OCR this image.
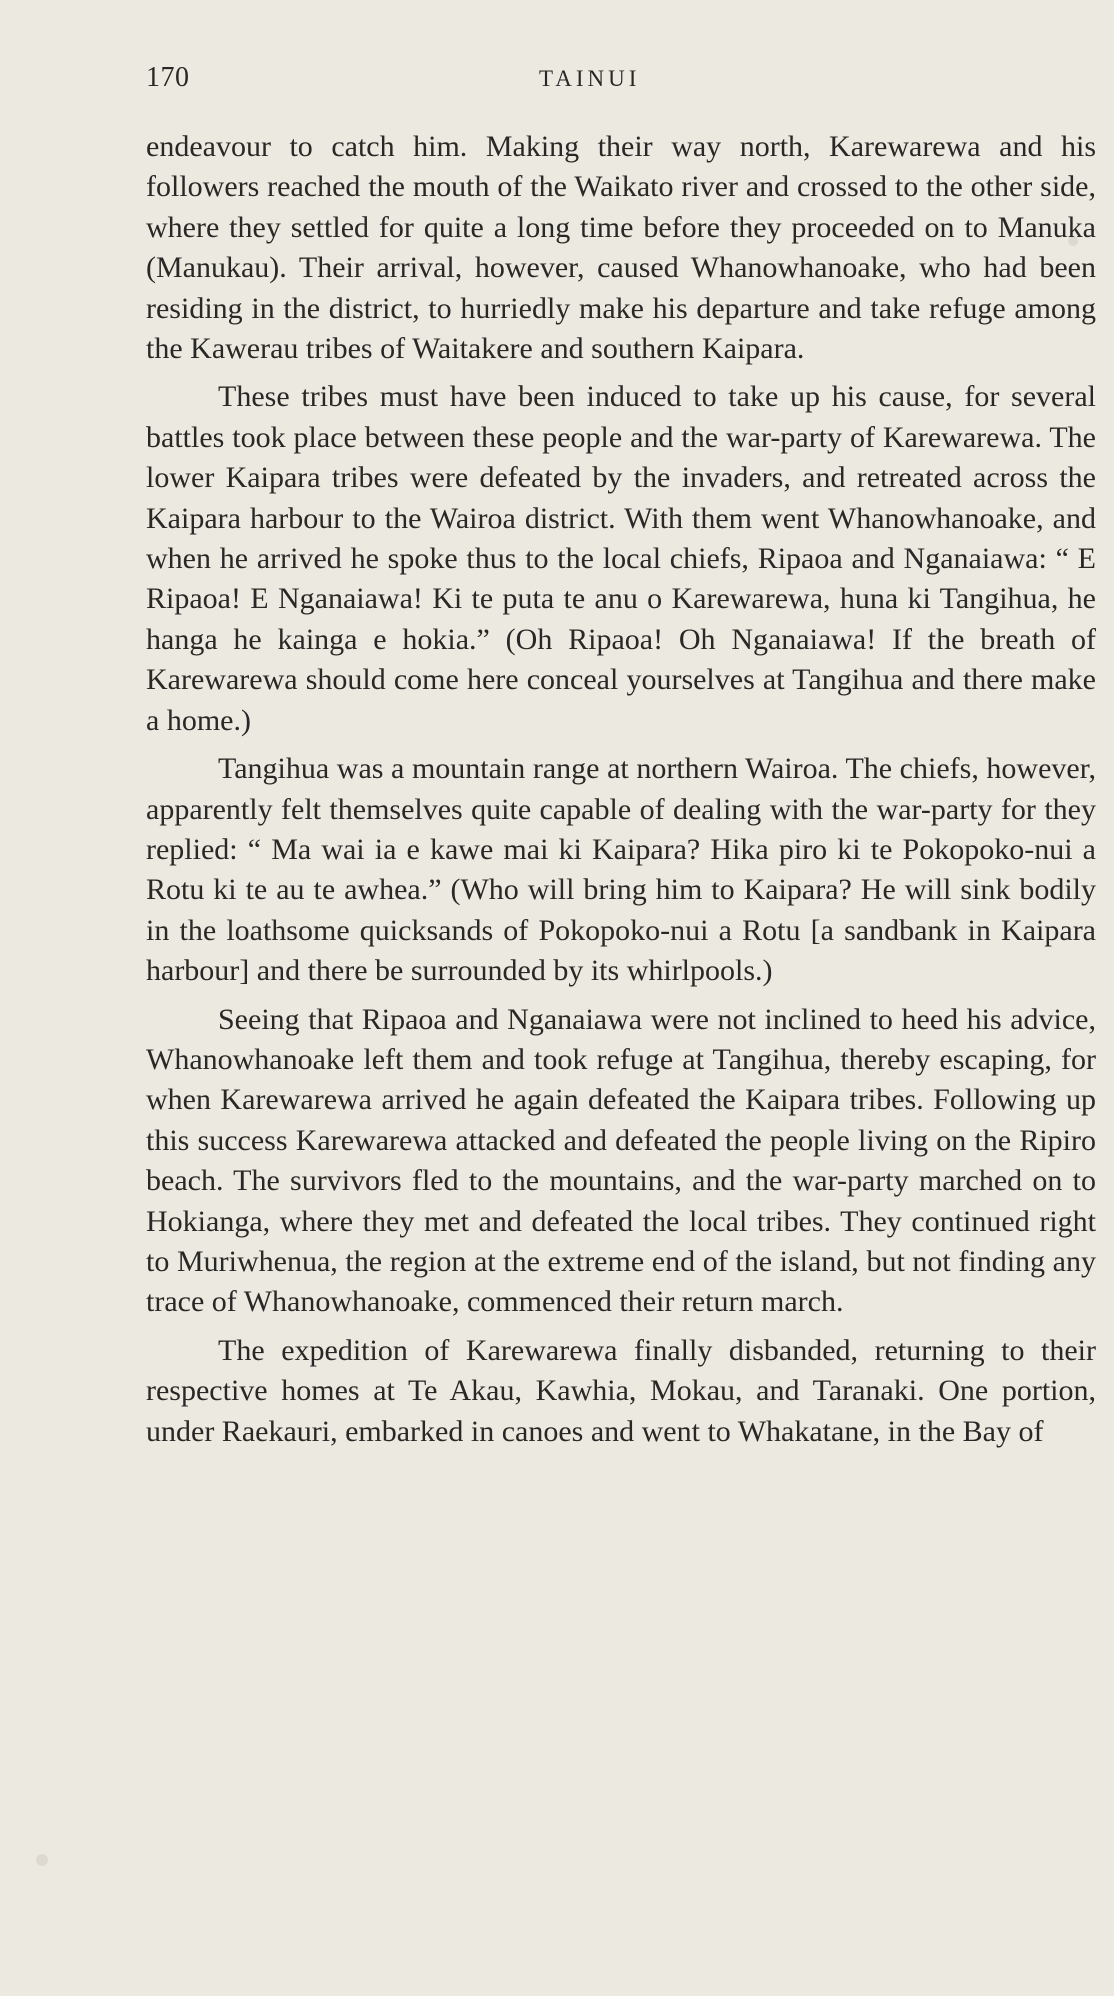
170	TAINUI

endeavour to catch him. Making their way north, Karewarewa and his followers reached the mouth of the Waikato river and crossed to the other side, where they settled for quite a long time before they proceeded on to Manuka (Manukau). Their arrival, however, caused Whanowhanoake, who had been residing in the district, to hurriedly make his departure and take refuge among the Kawerau tribes of Waitakere and southern Kaipara.

These tribes must have been induced to take up his cause, for several battles took place between these people and the war-party of Karewarewa. The lower Kaipara tribes were defeated by the invaders, and retreated across the Kaipara harbour to the Wairoa district. With them went Whanowhanoake, and when he arrived he spoke thus to the local chiefs, Ripaoa and Nganaiawa: “ E Ripaoa! E Nganaiawa! Ki te puta te anu o Karewarewa, huna ki Tangihua, he hanga he kainga e hokia.” (Oh Ripaoa! Oh Nganaiawa! If the breath of Karewarewa should come here conceal yourselves at Tangihua and there make a home.)

Tangihua was a mountain range at northern Wairoa. The chiefs, however, apparently felt themselves quite capable of dealing with the war-party for they replied: “ Ma wai ia e kawe mai ki Kaipara? Hika piro ki te Pokopoko-nui a Rotu ki te au te awhea.” (Who will bring him to Kaipara? He will sink bodily in the loathsome quicksands of Pokopoko-nui a Rotu [a sandbank in Kaipara harbour] and there be surrounded by its whirlpools.)

Seeing that Ripaoa and Nganaiawa were not inclined to heed his advice, Whanowhanoake left them and took refuge at Tangihua, thereby escaping, for when Karewarewa arrived he again defeated the Kaipara tribes. Following up this success Karewarewa attacked and defeated the people living on the Ripiro beach. The survivors fled to the mountains, and the war-party marched on to Hokianga, where they met and defeated the local tribes. They continued right to Muriwhenua, the region at the extreme end of the island, but not finding any trace of Whanowhanoake, commenced their return march.

The expedition of Karewarewa finally disbanded, returning to their respective homes at Te Akau, Kawhia, Mokau, and Taranaki. One portion, under Raekauri, embarked in canoes and went to Whakatane, in the Bay of
